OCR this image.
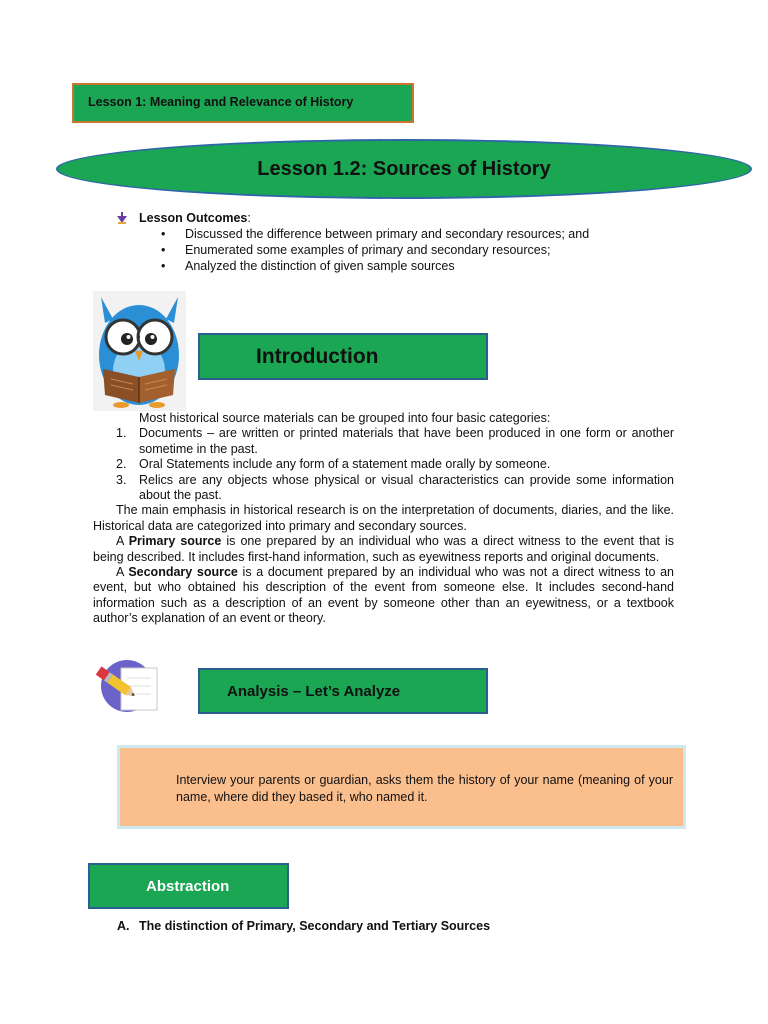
Lesson 1: Meaning and Relevance of History
Lesson 1.2: Sources of History
Lesson Outcomes:
• Discussed the difference between primary and secondary resources; and
• Enumerated some examples of primary and secondary resources;
• Analyzed the distinction of given sample sources
Introduction

Most historical source materials can be grouped into four basic categories:

1. Documents – are written or printed materials that have been produced in one form or another sometime in the past.
2. Oral Statements include any form of a statement made orally by someone.
3. Relics are any objects whose physical or visual characteristics can provide some information about the past.

The main emphasis in historical research is on the interpretation of documents, diaries, and the like. Historical data are categorized into primary and secondary sources.

A Primary source is one prepared by an individual who was a direct witness to the event that is being described. It includes first-hand information, such as eyewitness reports and original documents.

A Secondary source is a document prepared by an individual who was not a direct witness to an event, but who obtained his description of the event from someone else. It includes second-hand information such as a description of an event by someone other than an eyewitness, or a textbook author’s explanation of an event or theory.

Analysis – Let’s Analyze
Interview your parents or guardian, asks them the history of your name (meaning of your name, where did they based it, who named it.
Abstraction
A. The distinction of Primary, Secondary and Tertiary Sources
